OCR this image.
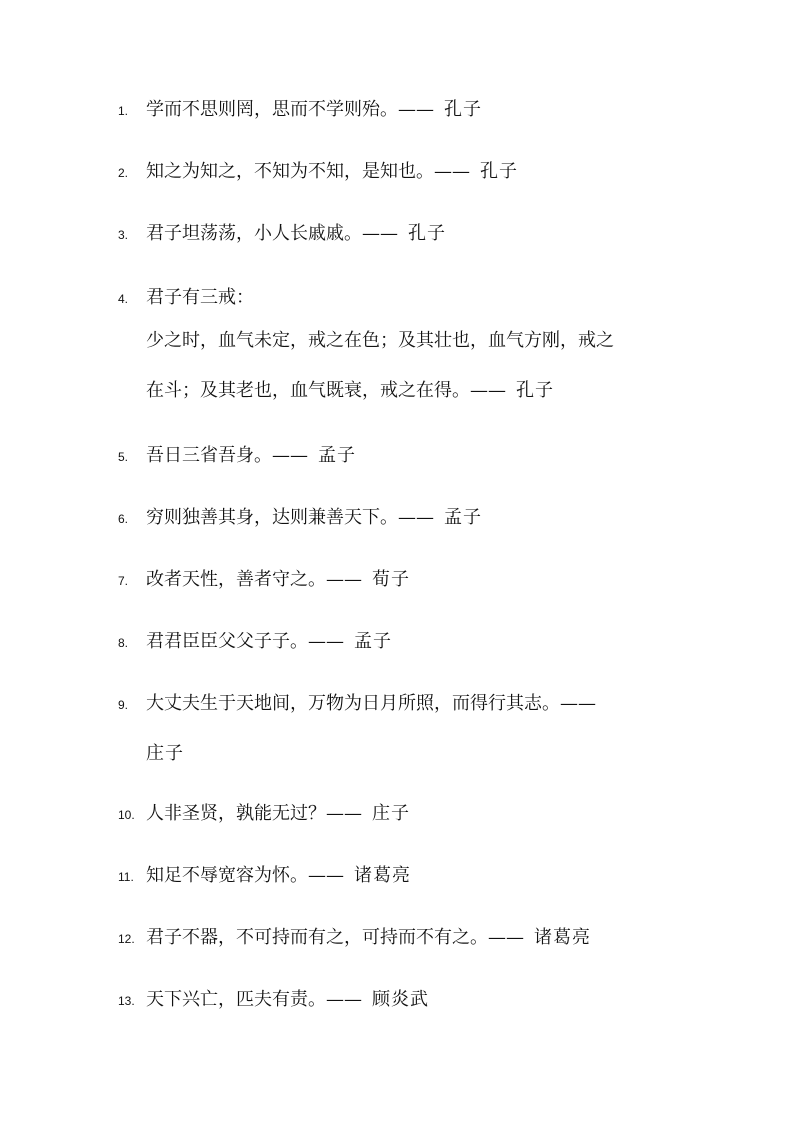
1. 学而不思则罔，思而不学则殆。—— 孔子
2. 知之为知之，不知为不知，是知也。—— 孔子
3. 君子坦荡荡，小人长戚戚。—— 孔子
4. 君子有三戒：
少之时，血气未定，戒之在色；及其壮也，血气方刚，戒之
在斗；及其老也，血气既衰，戒之在得。—— 孔子
5. 吾日三省吾身。—— 孟子
6. 穷则独善其身，达则兼善天下。—— 孟子
7. 改者天性，善者守之。—— 荀子
8. 君君臣臣父父子子。—— 孟子
9. 大丈夫生于天地间，万物为日月所照，而得行其志。——
庄子
10. 人非圣贤，孰能无过？—— 庄子
11. 知足不辱宽容为怀。—— 诸葛亮
12. 君子不器，不可持而有之，可持而不有之。—— 诸葛亮
13. 天下兴亡，匹夫有责。—— 顾炎武
